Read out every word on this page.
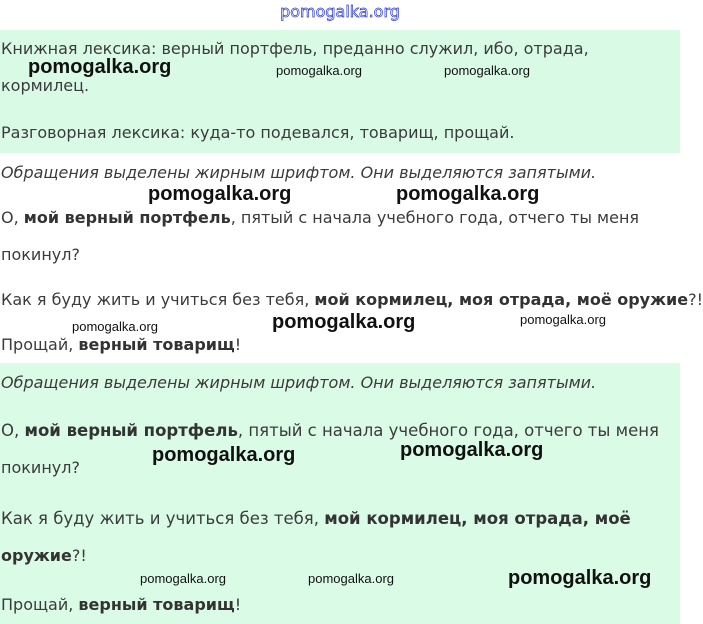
pomogalka.org
Книжная лексика: верный портфель, преданно служил, ибо, отрада,
кормилец.
Разговорная лексика: куда-то подевался, товарищ, прощай.
Обращения выделены жирным шрифтом. Они выделяются запятыми.
О, мой верный портфель, пятый с начала учебного года, отчего ты меня
покинул?
Как я буду жить и учиться без тебя, мой кормилец, моя отрада, моё оружие?!
Прощай, верный товарищ!
Обращения выделены жирным шрифтом. Они выделяются запятыми.
О, мой верный портфель, пятый с начала учебного года, отчего ты меня
покинул?
Как я буду жить и учиться без тебя, мой кормилец, моя отрада, моё
оружие?!
Прощай, верный товарищ!
pomogalka.org	pomogalka.org	pomogalka.org
pomogalka.org	pomogalka.org
pomogalka.org	pomogalka.org	pomogalka.org
pomogalka.org	pomogalka.org
pomogalka.org	pomogalka.org	pomogalka.org
